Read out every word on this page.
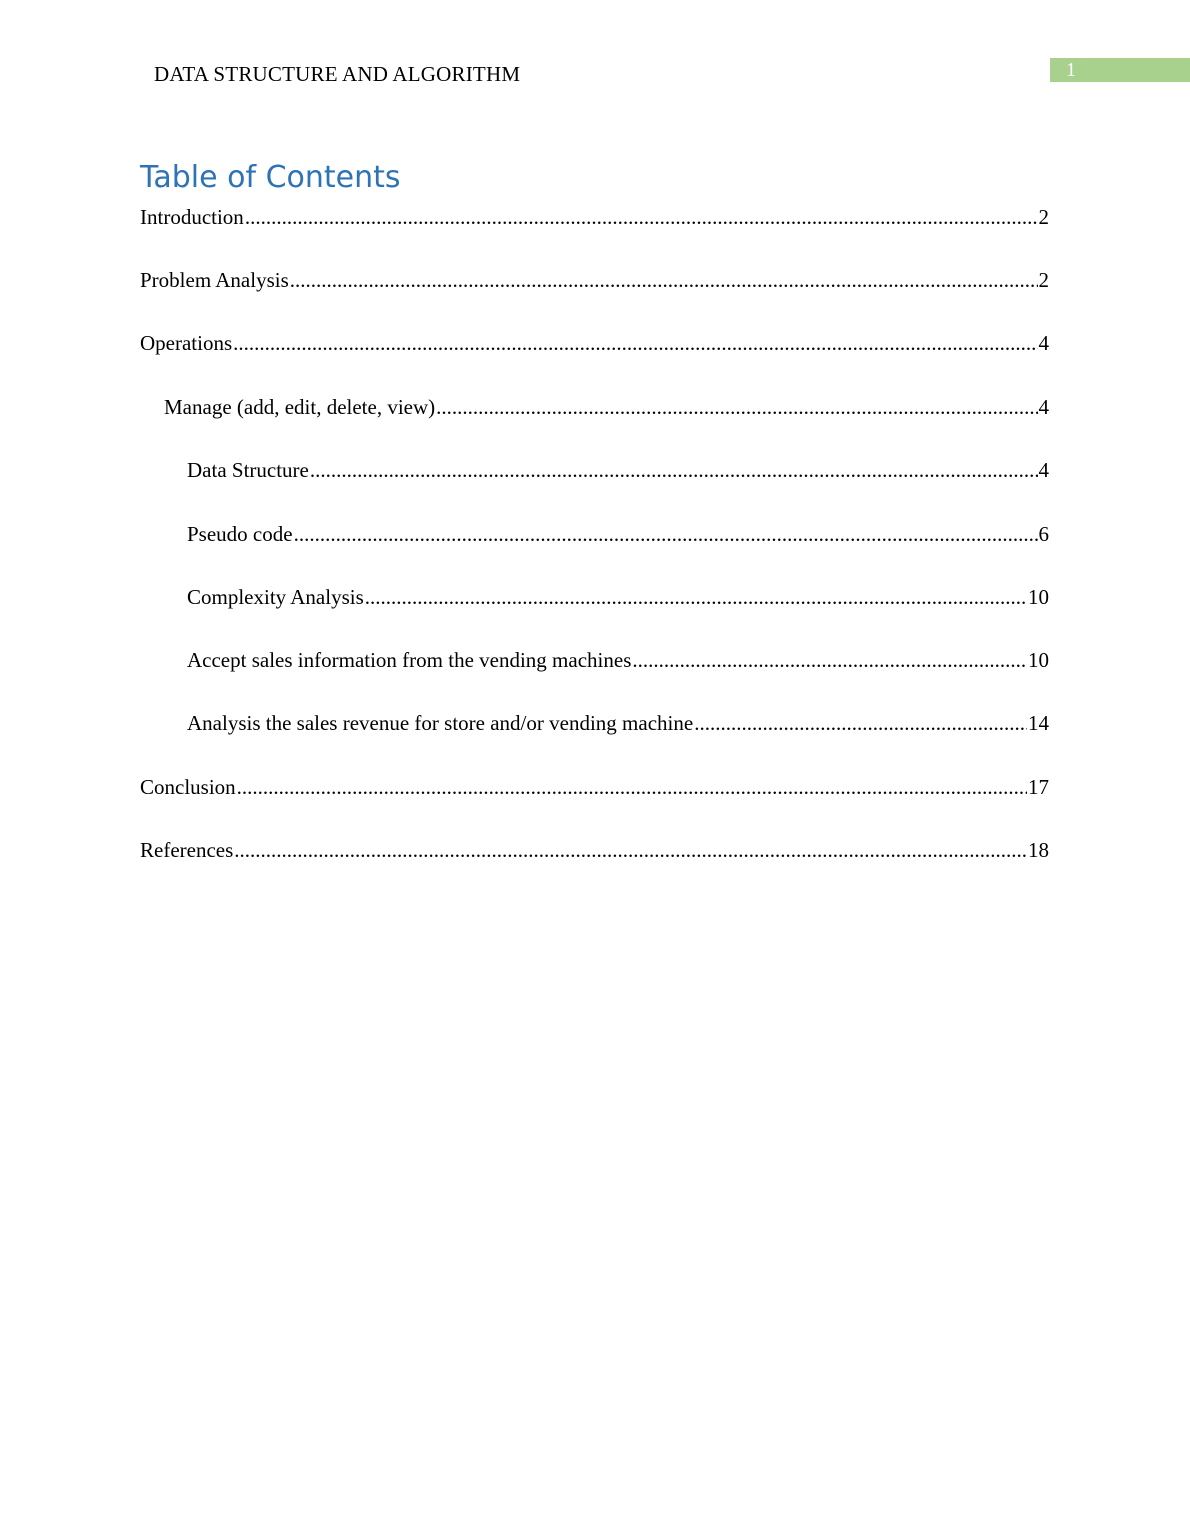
DATA STRUCTURE AND ALGORITHM	1
Table of Contents
Introduction .....	2
Problem Analysis .....	2
Operations .....	4
Manage (add, edit, delete, view) .....	4
Data Structure .....	4
Pseudo code .....	6
Complexity Analysis .....	10
Accept sales information from the vending machines .....	10
Analysis the sales revenue for store and/or vending machine .....	14
Conclusion .....	17
References .....	18
